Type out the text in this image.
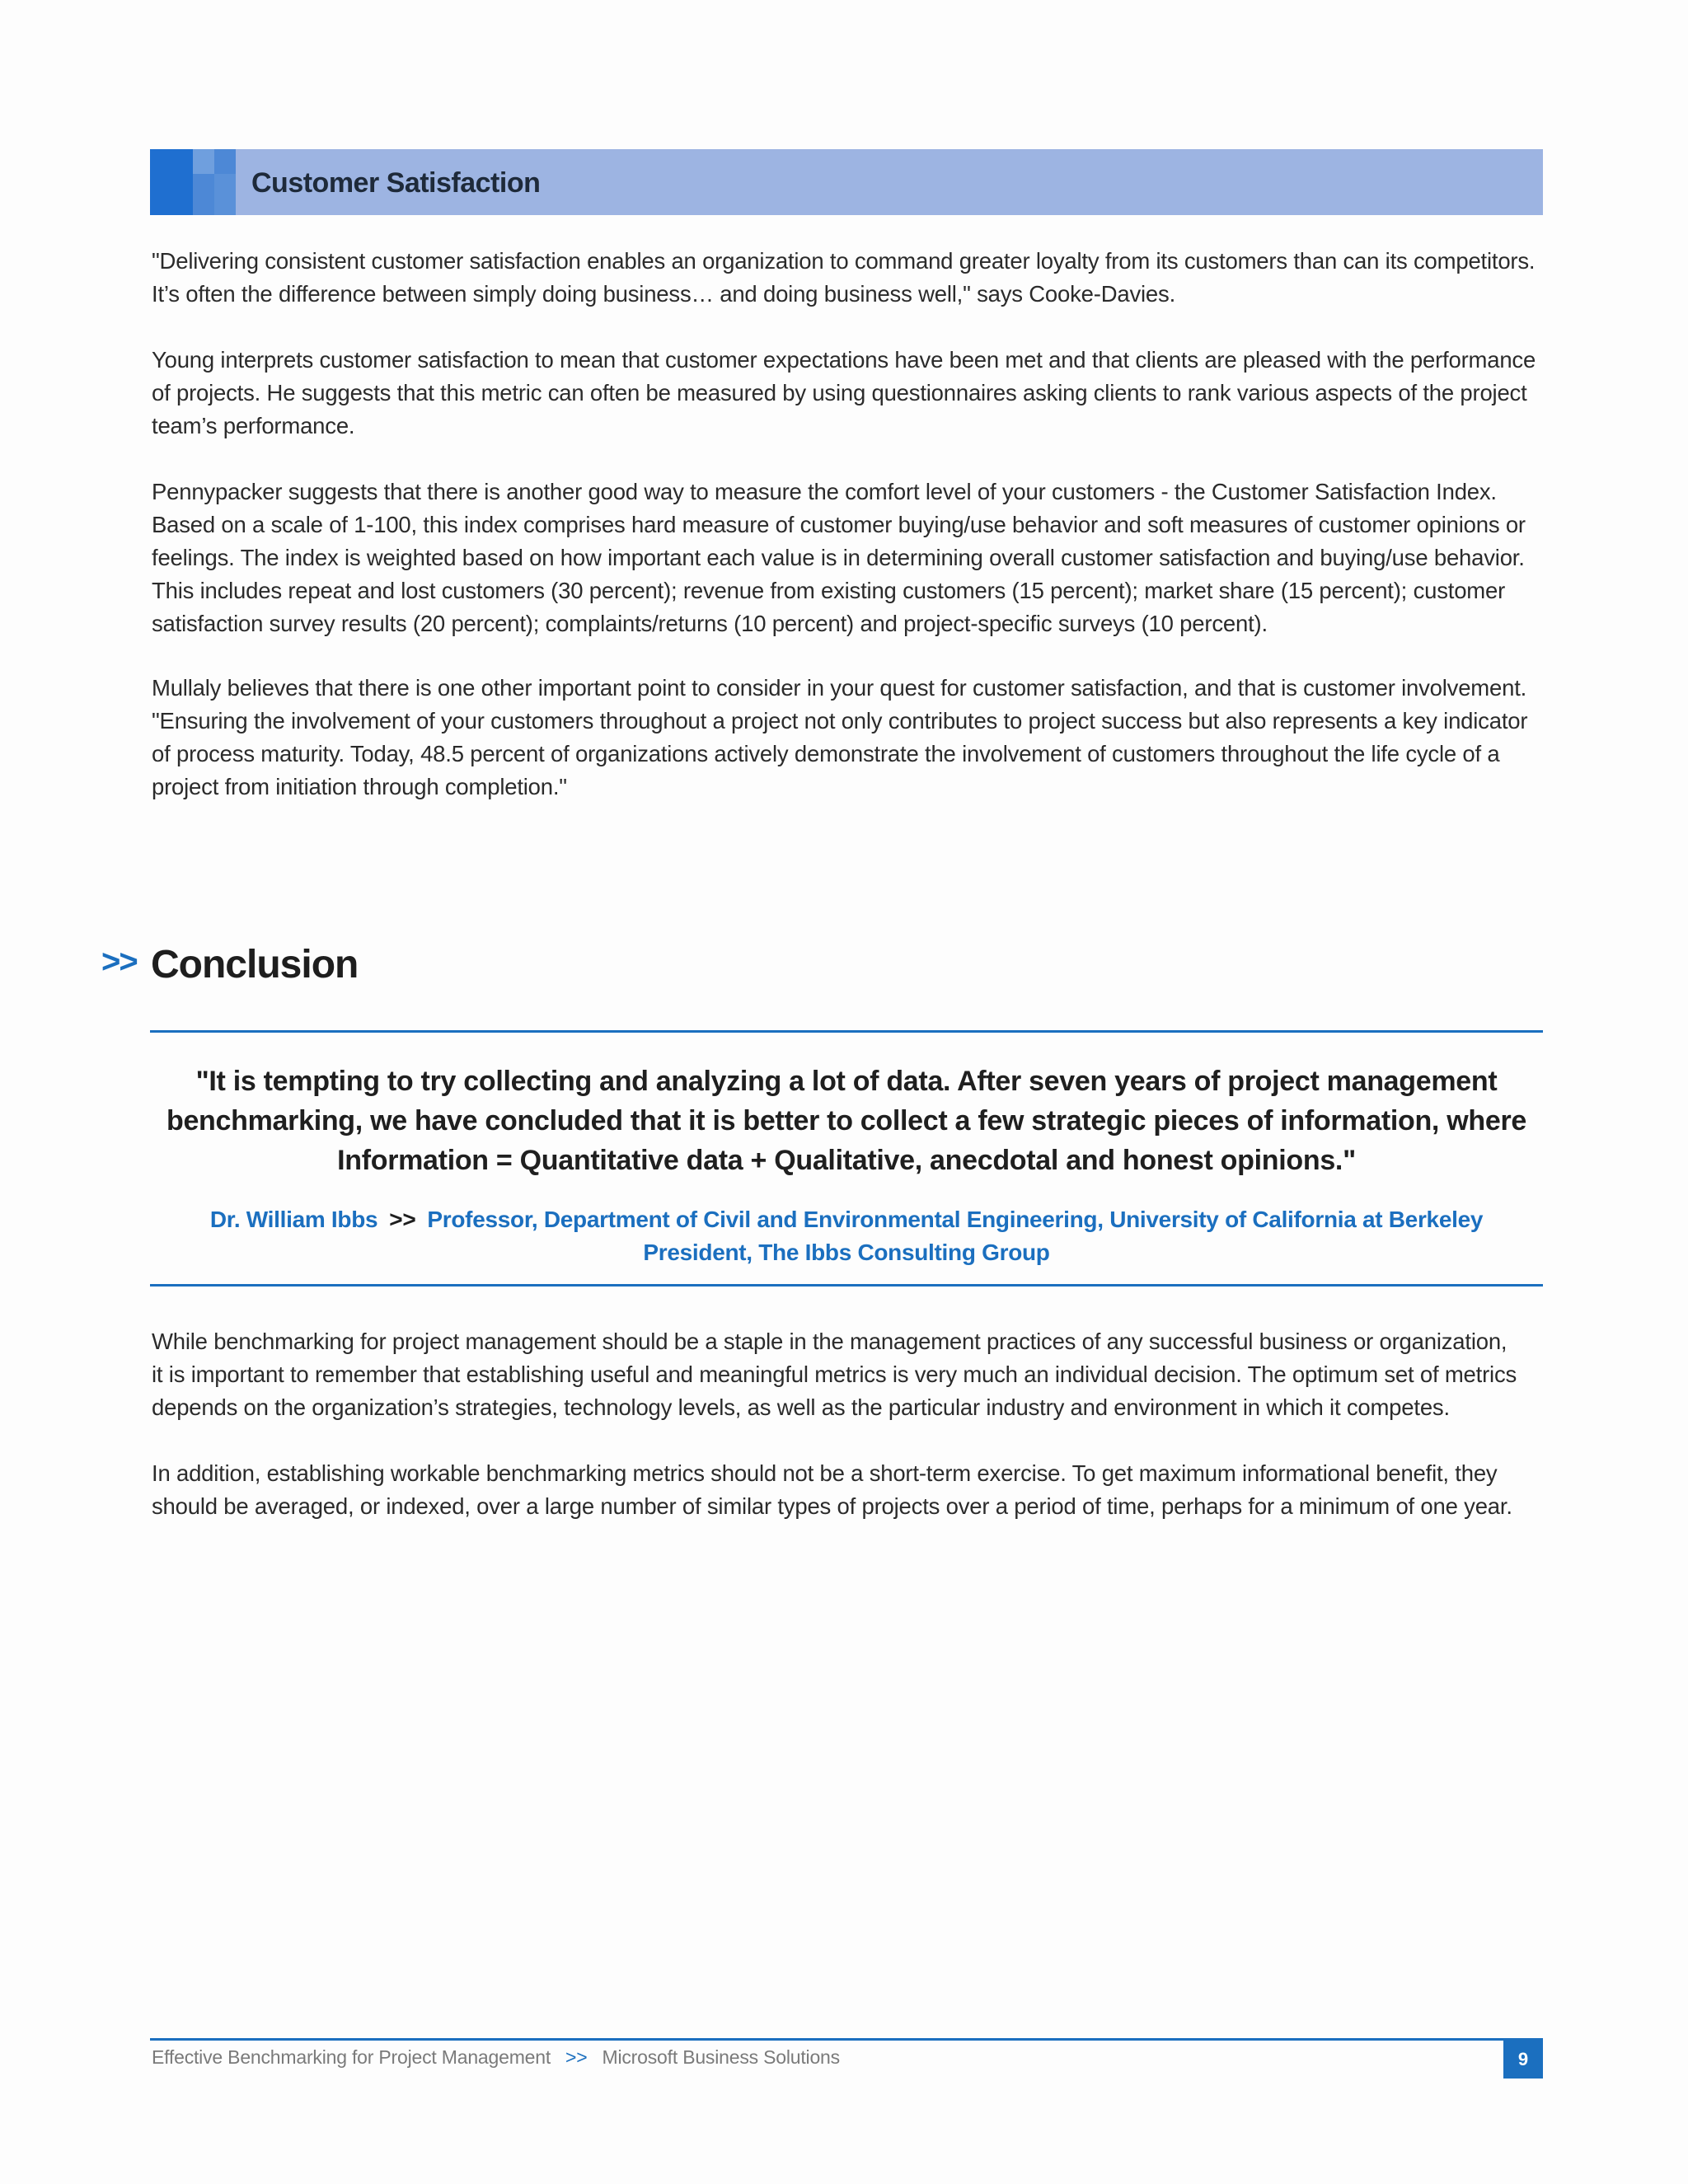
Customer Satisfaction
"Delivering consistent customer satisfaction enables an organization to command greater loyalty from its customers than can its competitors.
It’s often the difference between simply doing business… and doing business well," says Cooke-Davies.
Young interprets customer satisfaction to mean that customer expectations have been met and that clients are pleased with the performance
of projects. He suggests that this metric can often be measured by using questionnaires asking clients to rank various aspects of the project
team’s performance.
Pennypacker suggests that there is another good way to measure the comfort level of your customers - the Customer Satisfaction Index.
Based on a scale of 1-100, this index comprises hard measure of customer buying/use behavior and soft measures of customer opinions or
feelings. The index is weighted based on how important each value is in determining overall customer satisfaction and buying/use behavior.
This includes repeat and lost customers (30 percent); revenue from existing customers (15 percent); market share (15 percent); customer
satisfaction survey results (20 percent); complaints/returns (10 percent) and project-specific surveys (10 percent).
Mullaly believes that there is one other important point to consider in your quest for customer satisfaction, and that is customer involvement.
"Ensuring the involvement of your customers throughout a project not only contributes to project success but also represents a key indicator
of process maturity. Today, 48.5 percent of organizations actively demonstrate the involvement of customers throughout the life cycle of a
project from initiation through completion."
>> Conclusion
"It is tempting to try collecting and analyzing a lot of data. After seven years of project management
benchmarking, we have concluded that it is better to collect a few strategic pieces of information, where
Information = Quantitative data + Qualitative, anecdotal and honest opinions."
Dr. William Ibbs >> Professor, Department of Civil and Environmental Engineering, University of California at Berkeley
President, The Ibbs Consulting Group
While benchmarking for project management should be a staple in the management practices of any successful business or organization,
it is important to remember that establishing useful and meaningful metrics is very much an individual decision. The optimum set of metrics
depends on the organization’s strategies, technology levels, as well as the particular industry and environment in which it competes.
In addition, establishing workable benchmarking metrics should not be a short-term exercise. To get maximum informational benefit, they
should be averaged, or indexed, over a large number of similar types of projects over a period of time, perhaps for a minimum of one year.
Effective Benchmarking for Project Management >> Microsoft Business Solutions	9
